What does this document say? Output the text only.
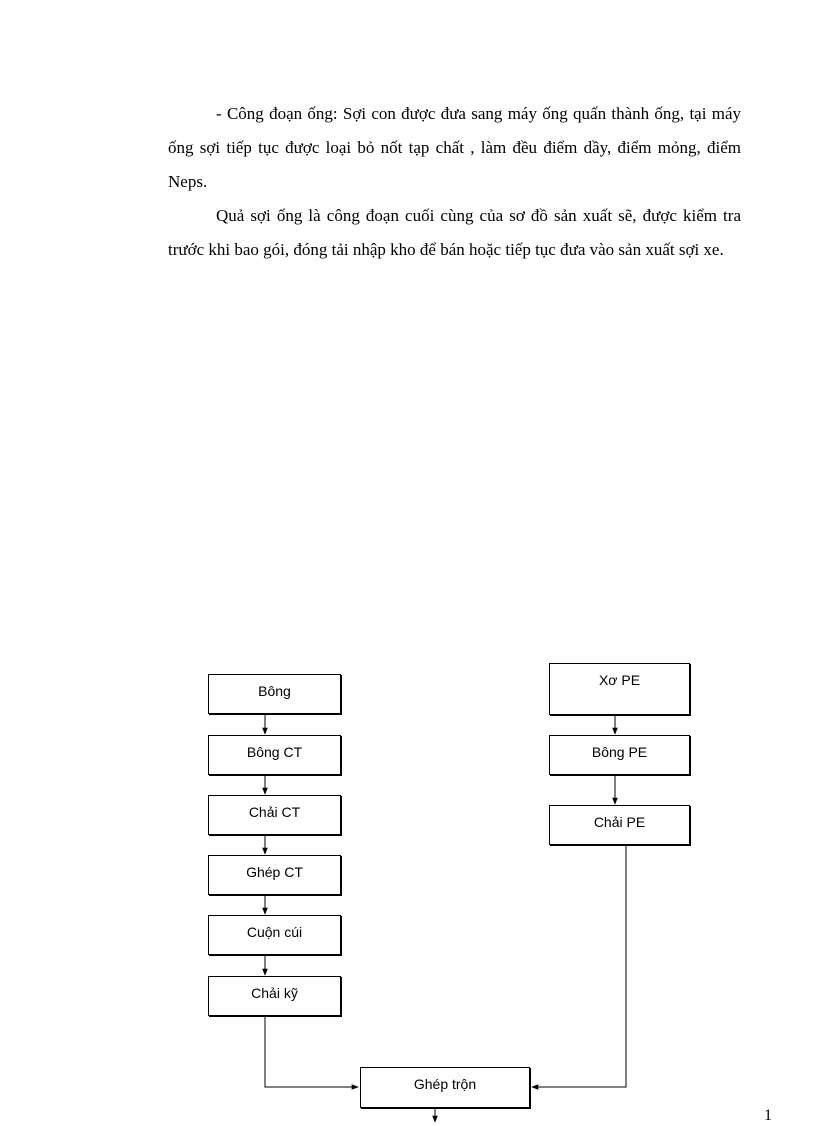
- Công đoạn ống: Sợi con được đưa sang máy ống quấn thành ống, tại máy ống sợi tiếp tục được loại bỏ nốt tạp chất , làm đều điểm dầy, điểm mỏng, điểm Neps.

Quả sợi ống là công đoạn cuối cùng của sơ đồ sản xuất sẽ, được kiểm tra trước khi bao gói, đóng tải nhập kho để bán hoặc tiếp tục đưa vào sản xuất sợi xe.

Bông
Bông CT
Chải CT
Ghép CT
Cuộn cúi
Chải kỹ
Xơ PE
Bông PE
Chải PE
Ghép trộn
1
